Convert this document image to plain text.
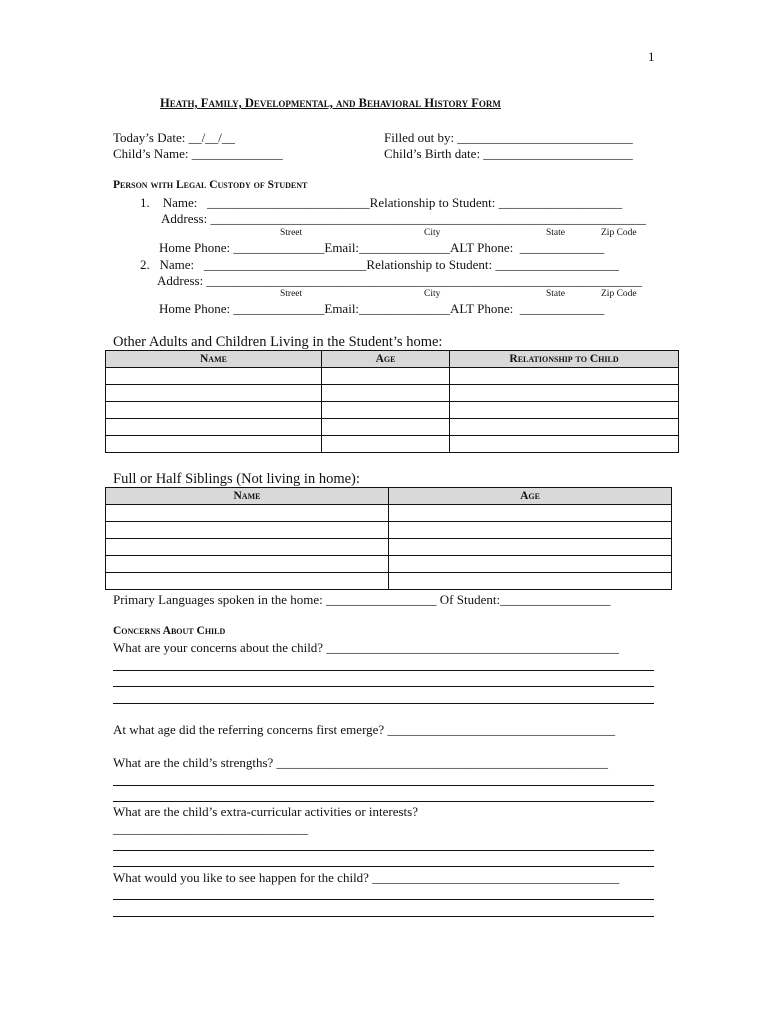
1
Heath, Family, Developmental, and Behavioral History Form
Today’s Date: __/__/__
Child’s Name: ______________
Filled out by: ___________________________
Child’s Birth date: _______________________
Person with Legal Custody of Student
1.    Name:   _________________________Relationship to Student: ___________________
Address: ___________________________________________________________________
Street	City	State	Zip Code
Home Phone: ______________Email:______________ALT Phone:  _____________
2.   Name:   _________________________Relationship to Student: ___________________
Address: ___________________________________________________________________
Street	City	State	Zip Code
Home Phone: ______________Email:______________ALT Phone:  _____________
Other Adults and Children Living in the Student’s home:
Name	Age	Relationship to Child

Full or Half Siblings (Not living in home):
Name	Age

Primary Languages spoken in the home: _________________ Of Student:_________________
Concerns About Child
What are your concerns about the child? _____________________________________________
At what age did the referring concerns first emerge? ___________________________________
What are the child’s strengths? ___________________________________________________
What are the child’s extra-curricular activities or interests?
______________________________
What would you like to see happen for the child? ______________________________________
